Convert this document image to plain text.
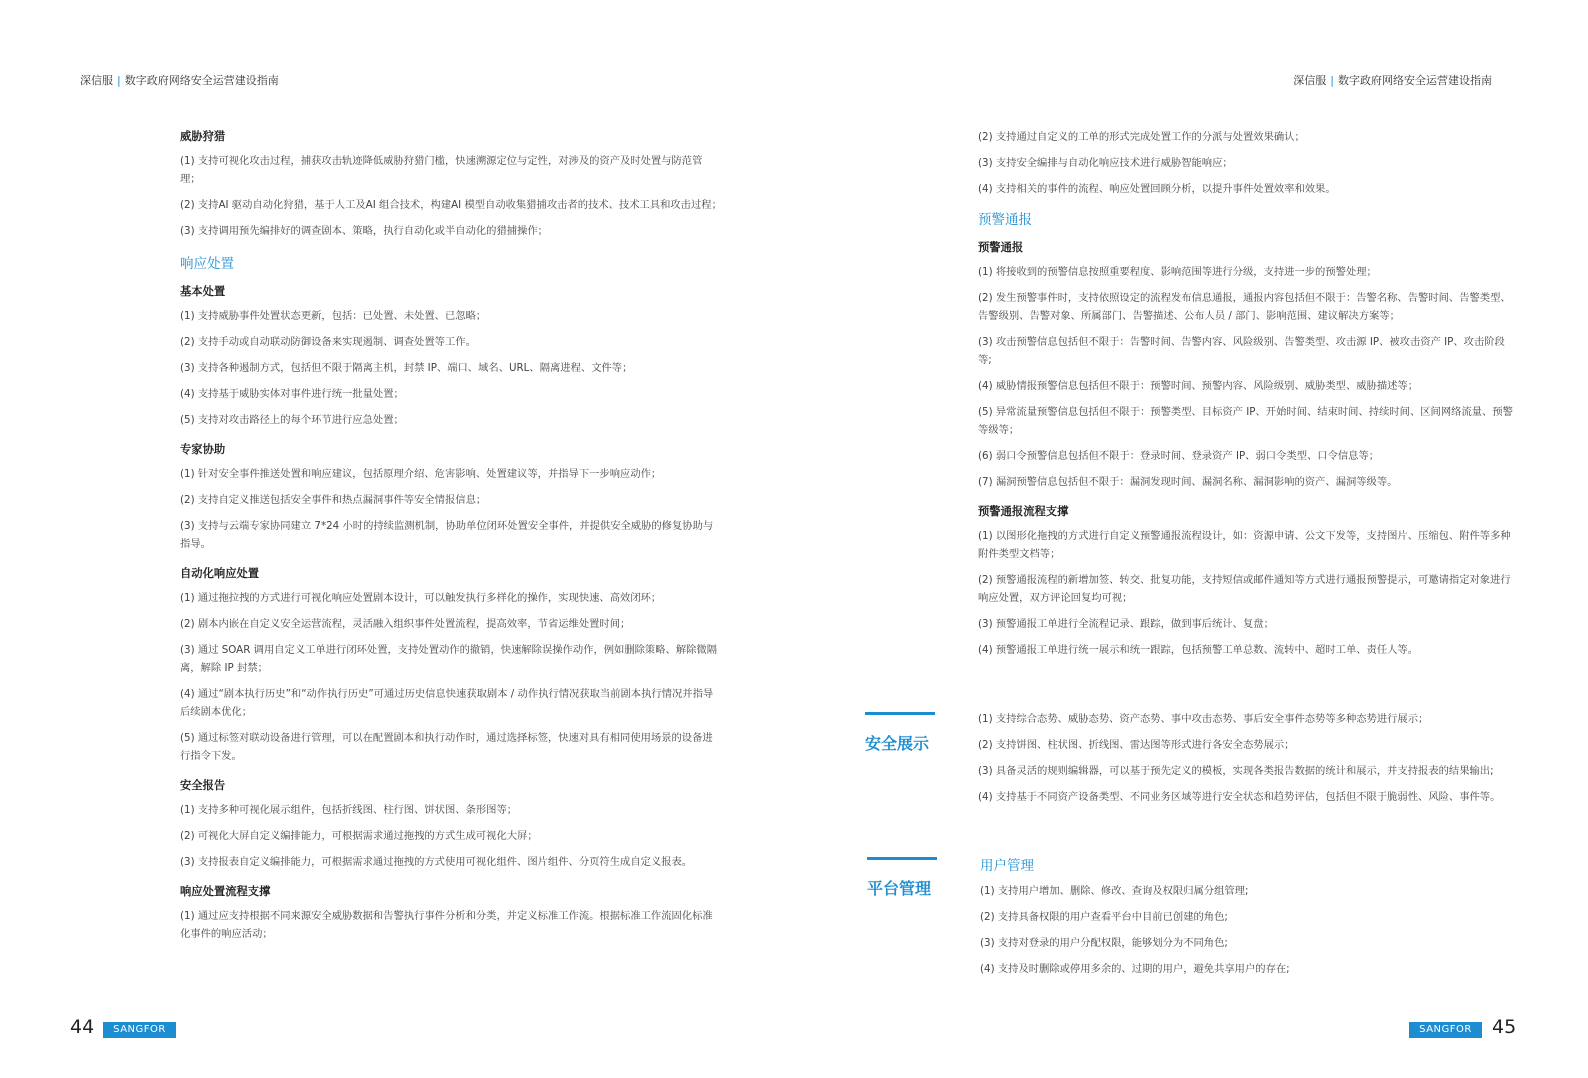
深信服 | 数字政府网络安全运营建设指南	深信服 | 数字政府网络安全运营建设指南
威胁狩猎
(1) 支持可视化攻击过程，捕获攻击轨迹降低威胁狩猎门槛，快速溯源定位与定性，对涉及的资产及时处置与防范管理；
(2) 支持AI 驱动自动化狩猎，基于人工及AI 组合技术，构建AI 模型自动收集猎捕攻击者的技术、技术工具和攻击过程；
(3) 支持调用预先编排好的调查剧本、策略，执行自动化或半自动化的猎捕操作；
响应处置
基本处置
(1) 支持威胁事件处置状态更新，包括：已处置、未处置、已忽略；
(2) 支持手动或自动联动防御设备来实现遏制、调查处置等工作。
(3) 支持各种遏制方式，包括但不限于隔离主机，封禁 IP、端口、域名、URL、隔离进程、文件等；
(4) 支持基于威胁实体对事件进行统一批量处置；
(5) 支持对攻击路径上的每个环节进行应急处置；
专家协助
(1) 针对安全事件推送处置和响应建议，包括原理介绍、危害影响、处置建议等，并指导下一步响应动作；
(2) 支持自定义推送包括安全事件和热点漏洞事件等安全情报信息；
(3) 支持与云端专家协同建立 7*24 小时的持续监测机制，协助单位闭环处置安全事件，并提供安全威胁的修复协助与指导。
自动化响应处置
(1) 通过拖拉拽的方式进行可视化响应处置剧本设计，可以触发执行多样化的操作，实现快速、高效闭环；
(2) 剧本内嵌在自定义安全运营流程，灵活融入组织事件处置流程，提高效率，节省运维处置时间；
(3) 通过 SOAR 调用自定义工单进行闭环处置，支持处置动作的撤销，快速解除误操作动作，例如删除策略、解除微隔离，解除 IP 封禁；
(4) 通过“剧本执行历史”和“动作执行历史”可通过历史信息快速获取剧本 / 动作执行情况获取当前剧本执行情况并指导后续剧本优化；
(5) 通过标签对联动设备进行管理，可以在配置剧本和执行动作时，通过选择标签，快速对具有相同使用场景的设备进行指令下发。
安全报告
(1) 支持多种可视化展示组件，包括折线图、柱行图、饼状图、条形图等；
(2) 可视化大屏自定义编排能力，可根据需求通过拖拽的方式生成可视化大屏；
(3) 支持报表自定义编排能力，可根据需求通过拖拽的方式使用可视化组件、图片组件、分页符生成自定义报表。
响应处置流程支撑
(1) 通过应支持根据不同来源安全威胁数据和告警执行事件分析和分类，并定义标准工作流。根据标准工作流固化标准化事件的响应活动；
(2) 支持通过自定义的工单的形式完成处置工作的分派与处置效果确认；
(3) 支持安全编排与自动化响应技术进行威胁智能响应；
(4) 支持相关的事件的流程、响应处置回顾分析，以提升事件处置效率和效果。
预警通报
预警通报
(1) 将接收到的预警信息按照重要程度、影响范围等进行分级，支持进一步的预警处理；
(2) 发生预警事件时，支持依照设定的流程发布信息通报，通报内容包括但不限于：告警名称、告警时间、告警类型、告警级别、告警对象、所属部门、告警描述、公布人员 / 部门、影响范围、建议解决方案等；
(3) 攻击预警信息包括但不限于：告警时间、告警内容、风险级别、告警类型、攻击源 IP、被攻击资产 IP、攻击阶段等;
(4) 威胁情报预警信息包括但不限于：预警时间、预警内容、风险级别、威胁类型、威胁描述等；
(5) 异常流量预警信息包括但不限于：预警类型、目标资产 IP、开始时间、结束时间、持续时间、区间网络流量、预警等级等；
(6) 弱口令预警信息包括但不限于：登录时间、登录资产 IP、弱口令类型、口令信息等；
(7) 漏洞预警信息包括但不限于：漏洞发现时间、漏洞名称、漏洞影响的资产、漏洞等级等。
预警通报流程支撑
(1) 以图形化拖拽的方式进行自定义预警通报流程设计，如：资源申请、公文下发等，支持图片、压缩包、附件等多种附件类型文档等；
(2) 预警通报流程的新增加签、转交、批复功能，支持短信或邮件通知等方式进行通报预警提示，可邀请指定对象进行响应处置，双方评论回复均可视；
(3) 预警通报工单进行全流程记录、跟踪，做到事后统计、复盘；
(4) 预警通报工单进行统一展示和统一跟踪，包括预警工单总数、流转中、超时工单、责任人等。
安全展示
(1) 支持综合态势、威胁态势、资产态势、事中攻击态势、事后安全事件态势等多种态势进行展示；
(2) 支持饼图、柱状图、折线图、雷达图等形式进行各安全态势展示；
(3) 具备灵活的规则编辑器，可以基于预先定义的模板，实现各类报告数据的统计和展示，并支持报表的结果输出;
(4) 支持基于不同资产设备类型、不同业务区域等进行安全状态和趋势评估，包括但不限于脆弱性、风险、事件等。
平台管理
用户管理
(1) 支持用户增加、删除、修改、查询及权限归属分组管理;
(2) 支持具备权限的用户查看平台中目前已创建的角色;
(3) 支持对登录的用户分配权限，能够划分为不同角色;
(4) 支持及时删除或停用多余的、过期的用户，避免共享用户的存在;
44	SANGFOR	SANGFOR	45
